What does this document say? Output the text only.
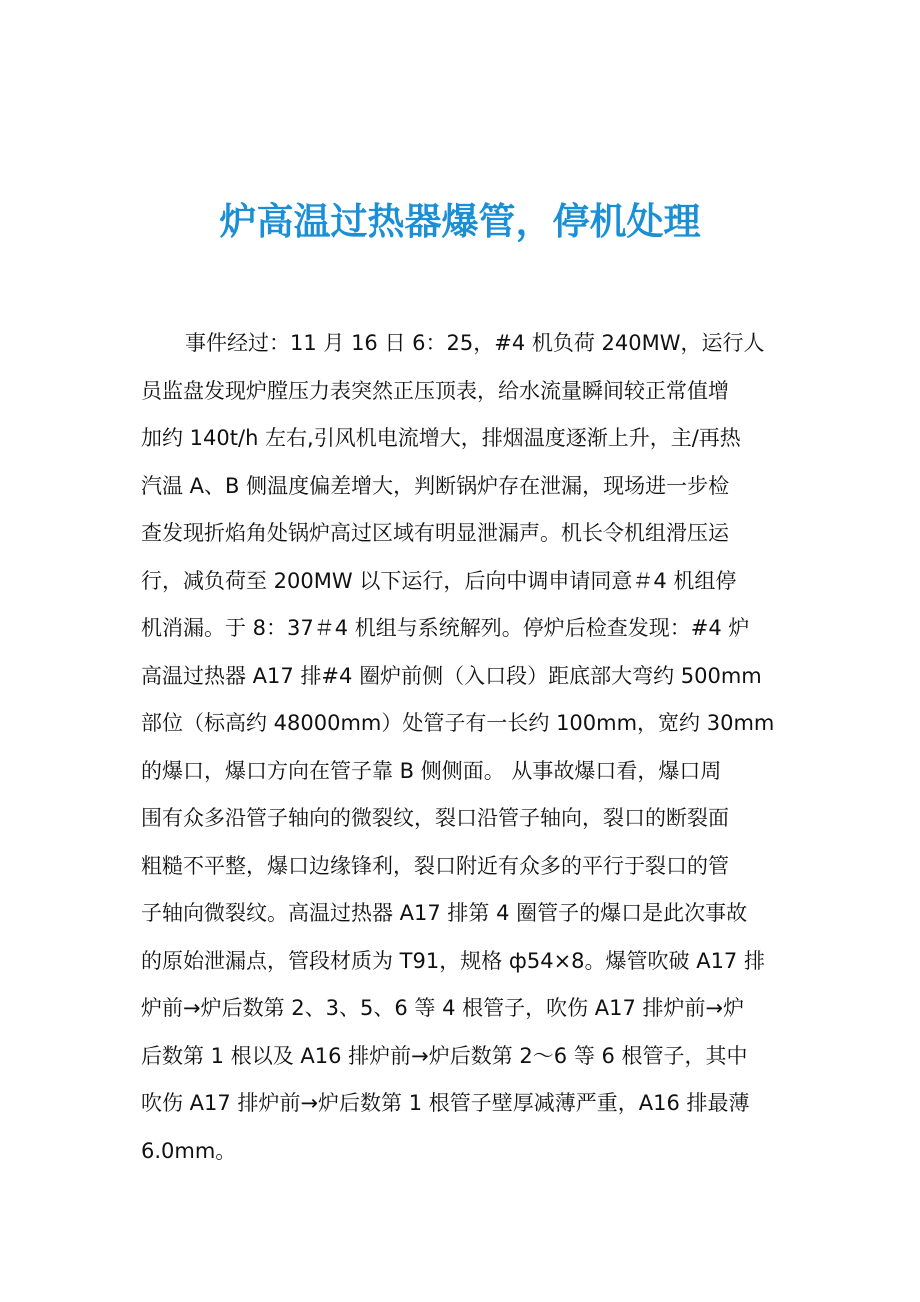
炉高温过热器爆管，停机处理
事件经过：11 月 16 日 6：25，#4 机负荷 240MW，运行人
员监盘发现炉膛压力表突然正压顶表，给水流量瞬间较正常值增
加约 140t/h 左右,引风机电流增大，排烟温度逐渐上升，主/再热
汽温 A、B 侧温度偏差增大，判断锅炉存在泄漏，现场进一步检
查发现折焰角处锅炉高过区域有明显泄漏声。机长令机组滑压运
行，减负荷至 200MW 以下运行，后向中调申请同意＃4 机组停
机消漏。于 8：37＃4 机组与系统解列。停炉后检查发现：#4 炉
高温过热器 A17 排#4 圈炉前侧（入口段）距底部大弯约 500mm
部位（标高约 48000mm）处管子有一长约 100mm，宽约 30mm
的爆口，爆口方向在管子靠 B 侧侧面。 从事故爆口看，爆口周
围有众多沿管子轴向的微裂纹，裂口沿管子轴向，裂口的断裂面
粗糙不平整，爆口边缘锋利，裂口附近有众多的平行于裂口的管
子轴向微裂纹。高温过热器 A17 排第 4 圈管子的爆口是此次事故
的原始泄漏点，管段材质为 T91，规格 ф54×8。爆管吹破 A17 排
炉前→炉后数第 2、3、5、6 等 4 根管子，吹伤 A17 排炉前→炉
后数第 1 根以及 A16 排炉前→炉后数第 2～6 等 6 根管子，其中
吹伤 A17 排炉前→炉后数第 1 根管子壁厚减薄严重，A16 排最薄
6.0mm。
